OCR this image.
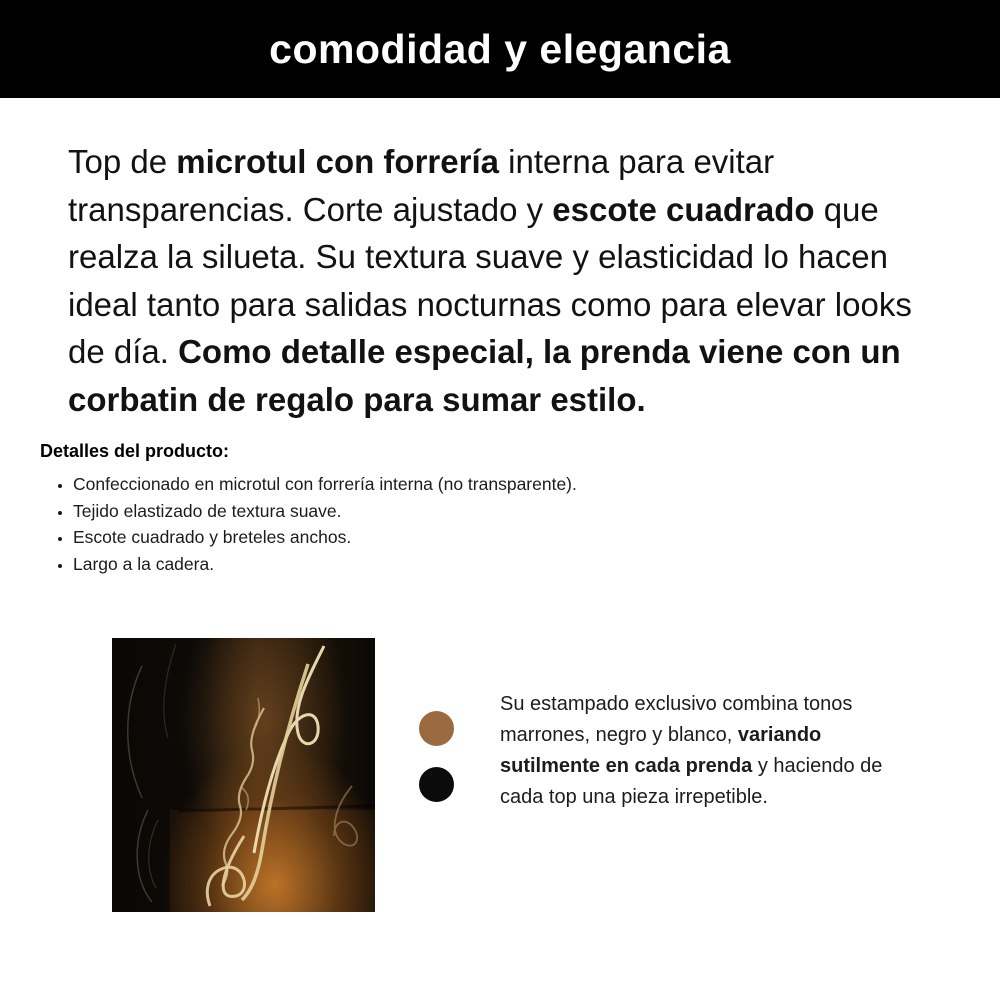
comodidad y elegancia

Top de microtul con forrería interna para evitar transparencias. Corte ajustado y escote cuadrado que realza la silueta. Su textura suave y elasticidad lo hacen ideal tanto para salidas nocturnas como para elevar looks de día. Como detalle especial, la prenda viene con un corbatin de regalo para sumar estilo.

Detalles del producto:
• Confeccionado en microtul con forrería interna (no transparente).
• Tejido elastizado de textura suave.
• Escote cuadrado y breteles anchos.
• Largo a la cadera.

Su estampado exclusivo combina tonos marrones, negro y blanco, variando sutilmente en cada prenda y haciendo de cada top una pieza irrepetible.
